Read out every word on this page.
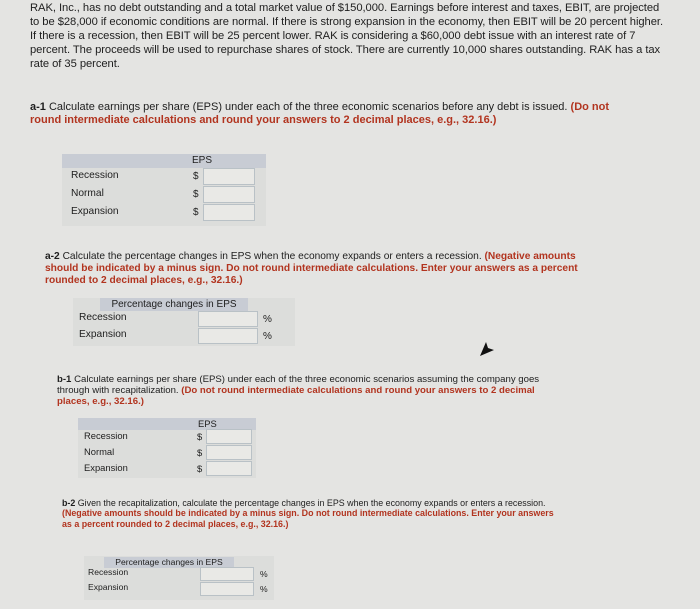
RAK, Inc., has no debt outstanding and a total market value of $150,000. Earnings before interest and taxes, EBIT, are projected to be $28,000 if economic conditions are normal. If there is strong expansion in the economy, then EBIT will be 20 percent higher. If there is a recession, then EBIT will be 25 percent lower. RAK is considering a $60,000 debt issue with an interest rate of 7 percent. The proceeds will be used to repurchase shares of stock. There are currently 10,000 shares outstanding. RAK has a tax rate of 35 percent.
a-1 Calculate earnings per share (EPS) under each of the three economic scenarios before any debt is issued. (Do not round intermediate calculations and round your answers to 2 decimal places, e.g., 32.16.)
EPS
Recession
Normal
Expansion
$
$
$
a-2 Calculate the percentage changes in EPS when the economy expands or enters a recession. (Negative amounts should be indicated by a minus sign. Do not round intermediate calculations. Enter your answers as a percent rounded to 2 decimal places, e.g., 32.16.)
Percentage changes in EPS
Recession
Expansion
%
%
b-1 Calculate earnings per share (EPS) under each of the three economic scenarios assuming the company goes through with recapitalization. (Do not round intermediate calculations and round your answers to 2 decimal places, e.g., 32.16.)
EPS
Recession
Normal
Expansion
$
$
$
b-2 Given the recapitalization, calculate the percentage changes in EPS when the economy expands or enters a recession. (Negative amounts should be indicated by a minus sign. Do not round intermediate calculations. Enter your answers as a percent rounded to 2 decimal places, e.g., 32.16.)
Percentage changes in EPS
Recession
Expansion
%
%
